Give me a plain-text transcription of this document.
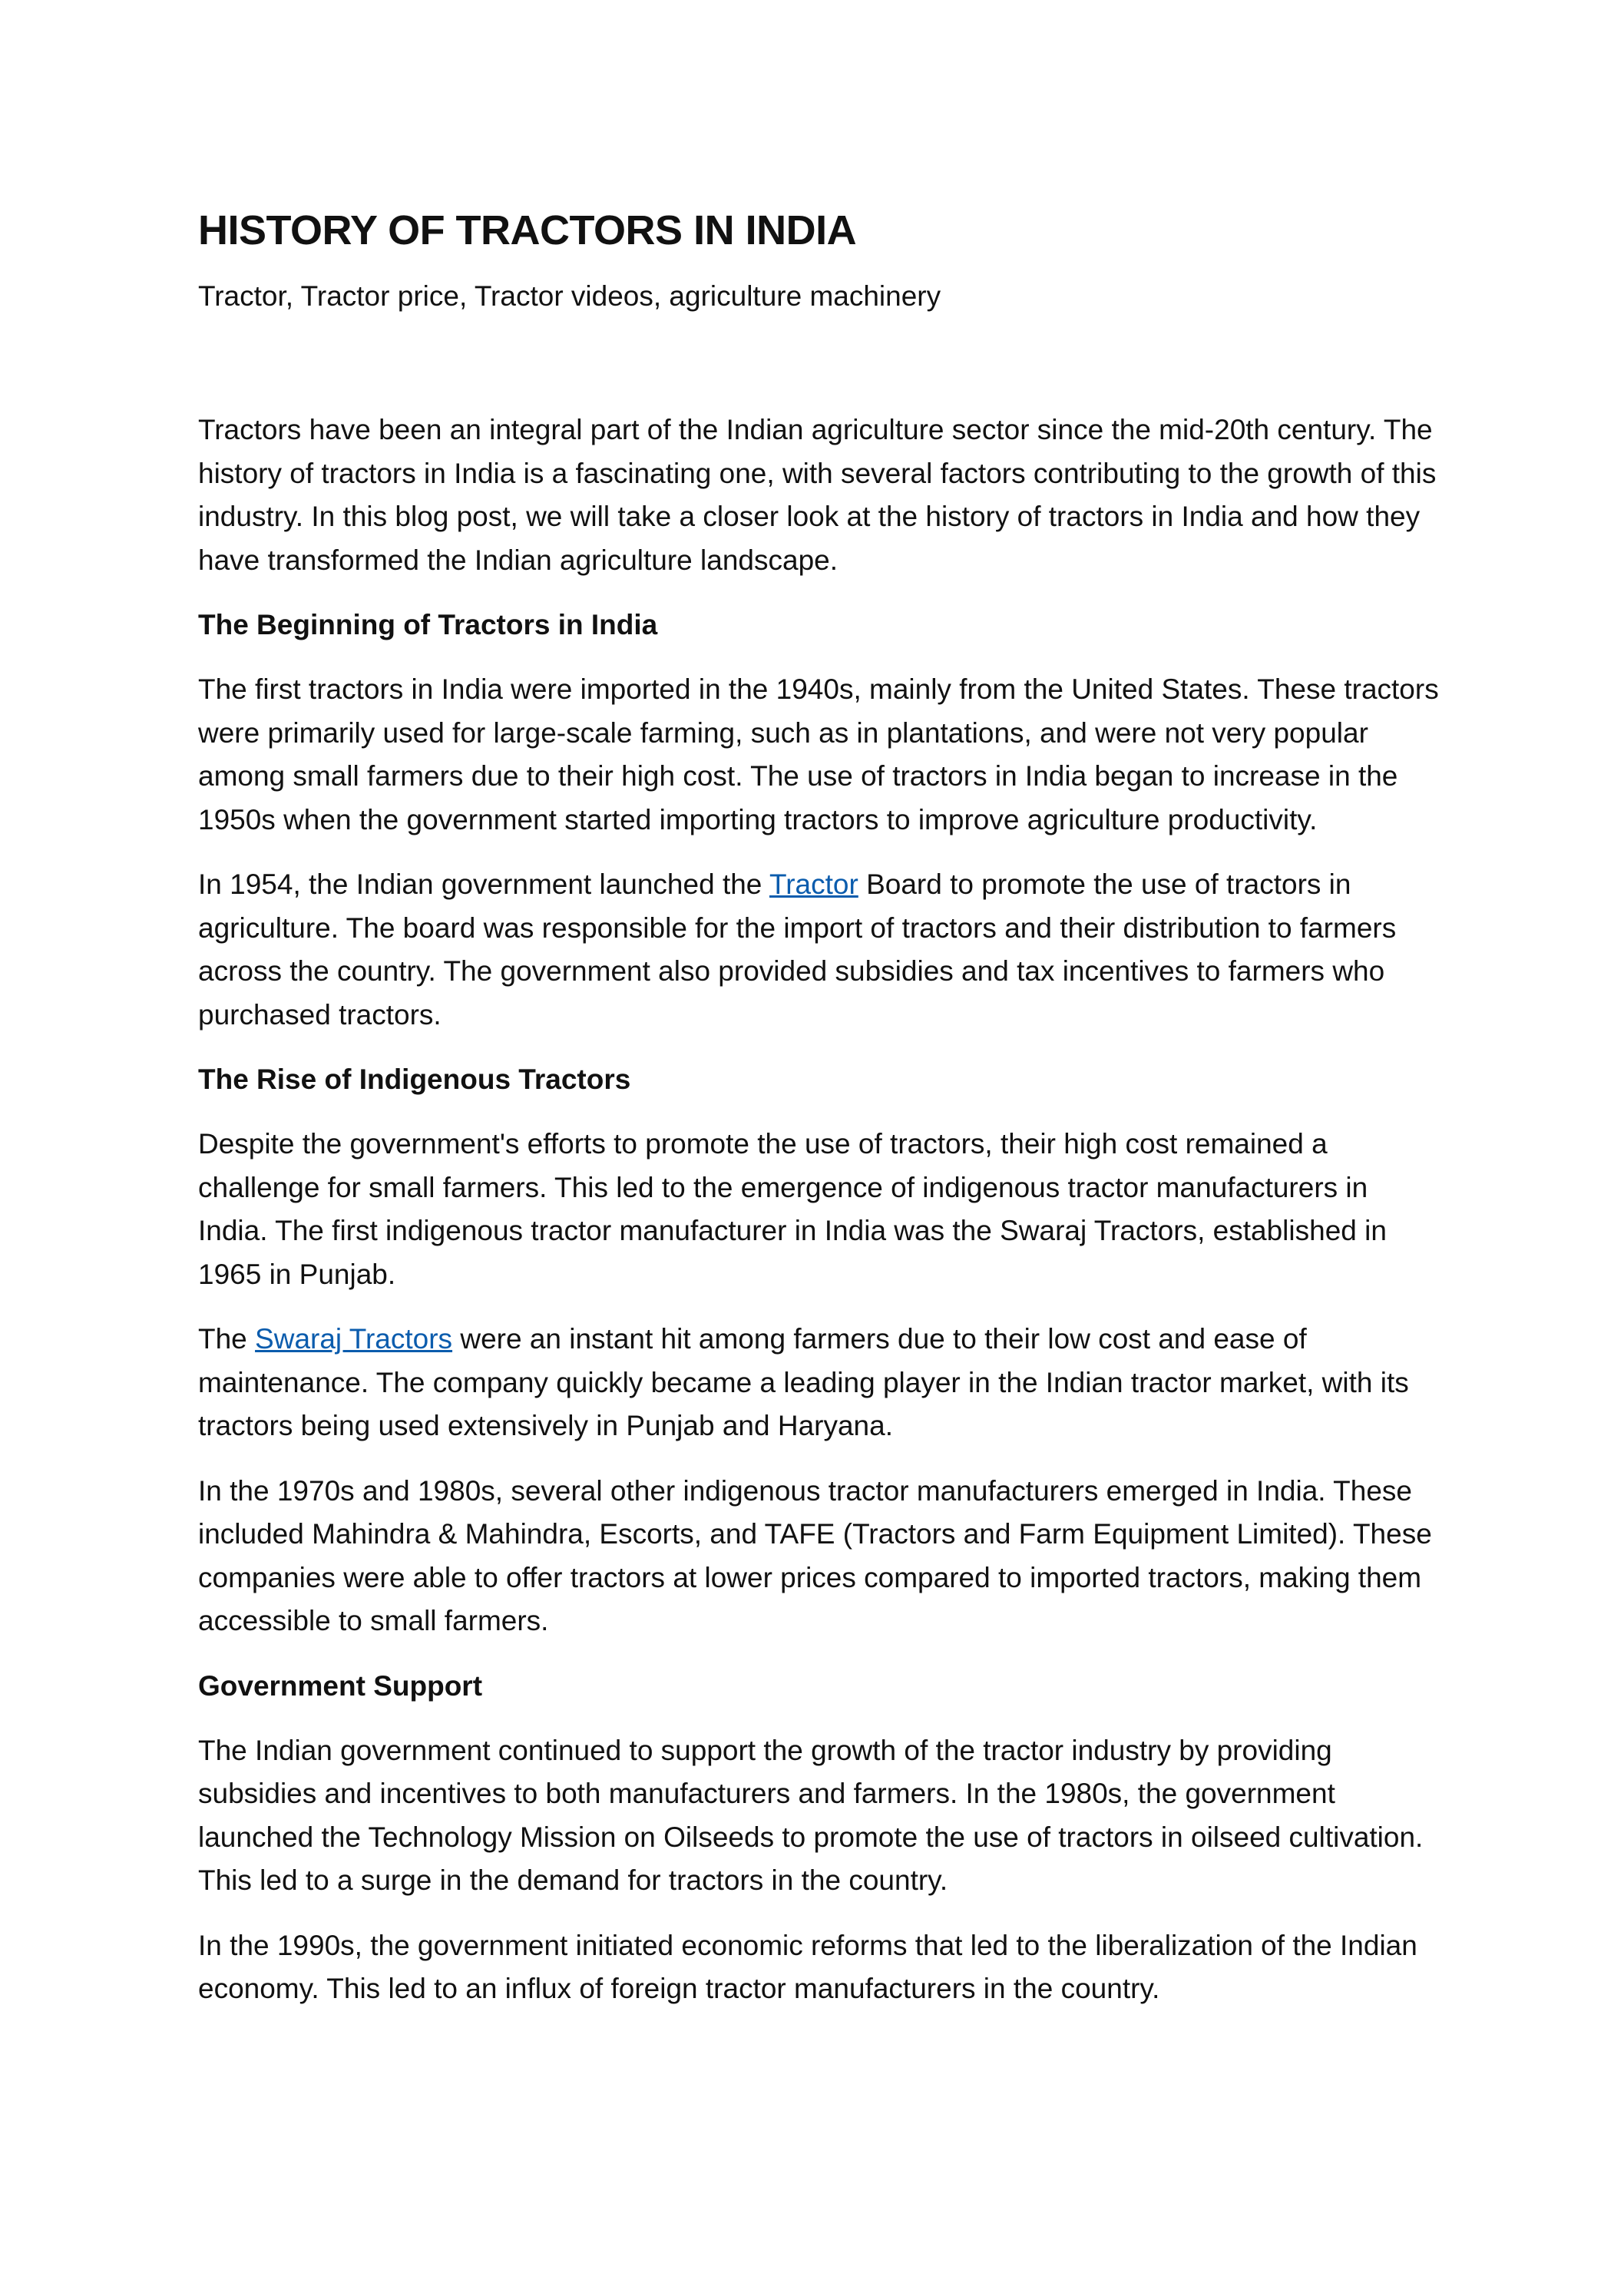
HISTORY OF TRACTORS IN INDIA
Tractor, Tractor price, Tractor videos, agriculture machinery

Tractors have been an integral part of the Indian agriculture sector since the mid-20th century. The history of tractors in India is a fascinating one, with several factors contributing to the growth of this industry. In this blog post, we will take a closer look at the history of tractors in India and how they have transformed the Indian agriculture landscape.

The Beginning of Tractors in India

The first tractors in India were imported in the 1940s, mainly from the United States. These tractors were primarily used for large-scale farming, such as in plantations, and were not very popular among small farmers due to their high cost. The use of tractors in India began to increase in the 1950s when the government started importing tractors to improve agriculture productivity.

In 1954, the Indian government launched the Tractor Board to promote the use of tractors in agriculture. The board was responsible for the import of tractors and their distribution to farmers across the country. The government also provided subsidies and tax incentives to farmers who purchased tractors.

The Rise of Indigenous Tractors

Despite the government's efforts to promote the use of tractors, their high cost remained a challenge for small farmers. This led to the emergence of indigenous tractor manufacturers in India. The first indigenous tractor manufacturer in India was the Swaraj Tractors, established in 1965 in Punjab.

The Swaraj Tractors were an instant hit among farmers due to their low cost and ease of maintenance. The company quickly became a leading player in the Indian tractor market, with its tractors being used extensively in Punjab and Haryana.

In the 1970s and 1980s, several other indigenous tractor manufacturers emerged in India. These included Mahindra & Mahindra, Escorts, and TAFE (Tractors and Farm Equipment Limited). These companies were able to offer tractors at lower prices compared to imported tractors, making them accessible to small farmers.

Government Support

The Indian government continued to support the growth of the tractor industry by providing subsidies and incentives to both manufacturers and farmers. In the 1980s, the government launched the Technology Mission on Oilseeds to promote the use of tractors in oilseed cultivation. This led to a surge in the demand for tractors in the country.

In the 1990s, the government initiated economic reforms that led to the liberalization of the Indian economy. This led to an influx of foreign tractor manufacturers in the country.
